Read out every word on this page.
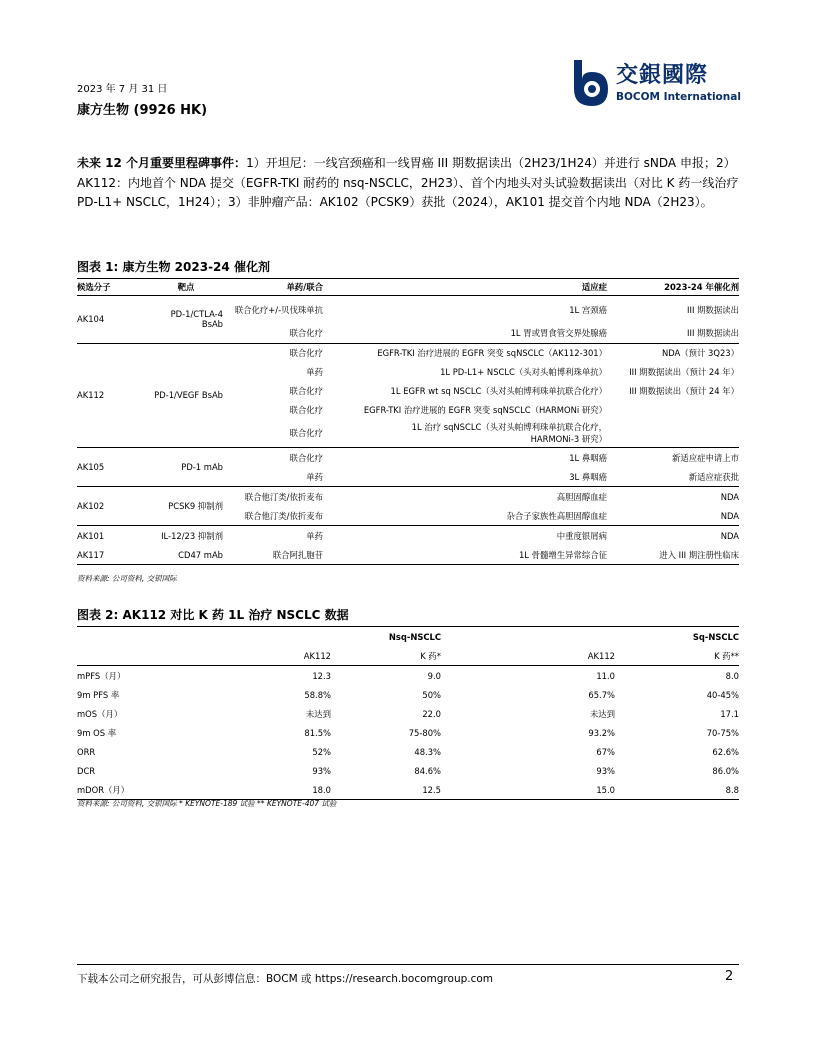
2023 年 7 月 31 日
康方生物 (9926 HK)
交銀國際
BOCOM International
未来 12 个月重要里程碑事件：1）开坦尼：一线宫颈癌和一线胃癌 III 期数据读出（2H23/1H24）并进行 sNDA 申报；2）AK112：内地首个 NDA 提交（EGFR-TKI 耐药的 nsq-NSCLC，2H23）、首个内地头对头试验数据读出（对比 K 药一线治疗 PD-L1+ NSCLC，1H24）；3）非肿瘤产品：AK102（PCSK9）获批（2024），AK101 提交首个内地 NDA（2H23）。
图表 1: 康方生物 2023-24 催化剂
候选分子	靶点	单药/联合	适应症	2023-24 年催化剂
AK104	PD-1/CTLA-4 BsAb	联合化疗+/-贝伐珠单抗	1L 宫颈癌	III 期数据读出
		联合化疗	1L 胃或胃食管交界处腺癌	III 期数据读出
AK112	PD-1/VEGF BsAb	联合化疗	EGFR-TKI 治疗进展的 EGFR 突变 sqNSCLC（AK112-301）	NDA（预计 3Q23）
		单药	1L PD-L1+ NSCLC（头对头帕博利珠单抗）	III 期数据读出（预计 24 年）
		联合化疗	1L EGFR wt sq NSCLC（头对头帕博利珠单抗联合化疗）	III 期数据读出（预计 24 年）
		联合化疗	EGFR-TKI 治疗进展的 EGFR 突变 sqNSCLC（HARMONi 研究）	
		联合化疗	1L 治疗 sqNSCLC（头对头帕博利珠单抗联合化疗，HARMONi-3 研究）	
AK105	PD-1 mAb	联合化疗	1L 鼻咽癌	新适应症申请上市
		单药	3L 鼻咽癌	新适应症获批
AK102	PCSK9 抑制剂	联合他汀类/依折麦布	高胆固醇血症	NDA
		联合他汀类/依折麦布	杂合子家族性高胆固醇血症	NDA
AK101	IL-12/23 抑制剂	单药	中重度银屑病	NDA
AK117	CD47 mAb	联合阿扎胞苷	1L 骨髓增生异常综合征	进入 III 期注册性临床
资料来源: 公司资料, 交银国际
图表 2: AK112 对比 K 药 1L 治疗 NSCLC 数据
		Nsq-NSCLC		Sq-NSCLC
	AK112	K 药*	AK112	K 药**
mPFS（月）	12.3	9.0	11.0	8.0
9m PFS 率	58.8%	50%	65.7%	40-45%
mOS（月）	未达到	22.0	未达到	17.1
9m OS 率	81.5%	75-80%	93.2%	70-75%
ORR	52%	48.3%	67%	62.6%
DCR	93%	84.6%	93%	86.0%
mDOR（月）	18.0	12.5	15.0	8.8
资料来源: 公司资料, 交银国际 * KEYNOTE-189 试验 ** KEYNOTE-407 试验
下载本公司之研究报告，可从彭博信息：BOCM 或 https://research.bocomgroup.com	2
